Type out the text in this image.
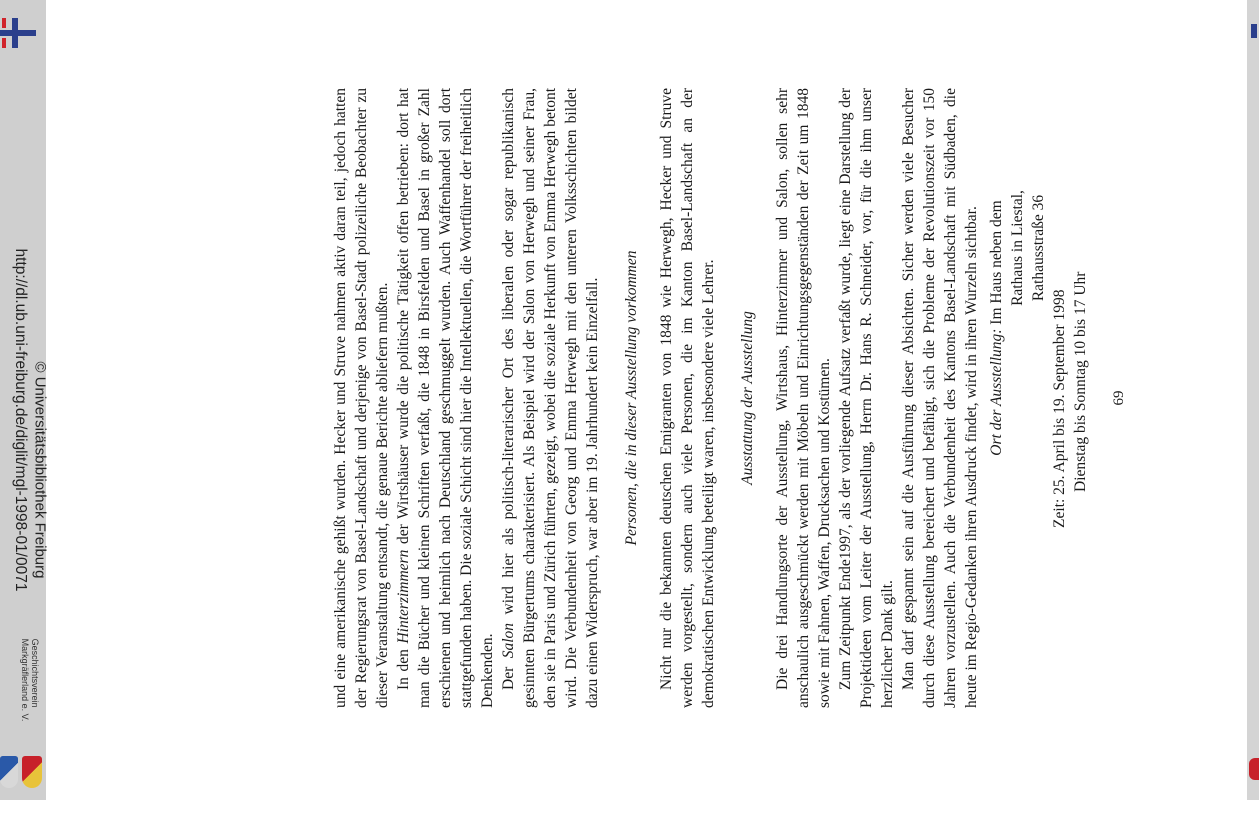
http://dl.ub.uni-freiburg.de/diglit/mgl-1998-01/0071 © Universitätsbibliothek Freiburg
Geschichtsverein
Markgräflerland e. V.	und eine amerikanische gehißt wurden. Hecker und Struve nahmen aktiv daran teil, jedoch hatten der Regierungsrat von Basel-Landschaft und derjenige von Basel-Stadt polizeiliche Beobachter zu dieser Veranstaltung entsandt, die genaue Berichte abliefern mußten. In den Hinterzimmern der Wirtshäuser wurde die politische Tätigkeit offen betrieben: dort hat man die Bücher und kleinen Schriften verfaßt, die 1848 in Birsfelden und Basel in großer Zahl erschienen und heimlich nach Deutschland geschmuggelt wurden. Auch Waffenhandel soll dort stattgefunden haben. Die soziale Schicht sind hier die Intellektuellen, die Wortführer der freiheitlich Denkenden. Der Salon wird hier als politisch-literarischer Ort des liberalen oder sogar republikanisch gesinnten Bürgertums charakterisiert. Als Beispiel wird der Salon von Herwegh und seiner Frau, den sie in Paris und Zürich führten, gezeigt, wobei die soziale Herkunft von Emma Herwegh betont wird. Die Verbundenheit von Georg und Emma Herwegh mit den unteren Volksschichten bildet dazu einen Widerspruch, war aber im 19. Jahrhundert kein Einzelfall. Personen, die in dieser Ausstellung vorkommen Nicht nur die bekannten deutschen Emigranten von 1848 wie Herwegh, Hecker und Struve werden vorgestellt, sondern auch viele Personen, die im Kanton Basel-Landschaft an der demokratischen Entwicklung beteiligt waren, insbesondere viele Lehrer. Ausstattung der Ausstellung Die drei Handlungsorte der Ausstellung, Wirtshaus, Hinterzimmer und Salon, sollen sehr anschaulich ausgeschmückt werden mit Möbeln und Einrichtungsgegenständen der Zeit um 1848 sowie mit Fahnen, Waffen, Drucksachen und Kostümen. Zum Zeitpunkt Ende1997, als der vorliegende Aufsatz verfaßt wurde, liegt eine Darstellung der Projektideen vom Leiter der Ausstellung, Herrn Dr. Hans R. Schneider, vor, für die ihm unser herzlicher Dank gilt. Man darf gespannt sein auf die Ausführung dieser Absichten. Sicher werden viele Besucher durch diese Ausstellung bereichert und befähigt, sich die Probleme der Revolutionszeit vor 150 Jahren vorzustellen. Auch die Verbundenheit des Kantons Basel-Landschaft mit Südbaden, die heute im Regio-Gedanken ihren Ausdruck findet, wird in ihren Wurzeln sichtbar. Ort der Ausstellung: Im Haus neben dem Rathaus in Liestal, Rathausstraße 36
Zeit: 25. April bis 19. September 1998 Dienstag bis Sonntag 10 bis 17 Uhr 69
